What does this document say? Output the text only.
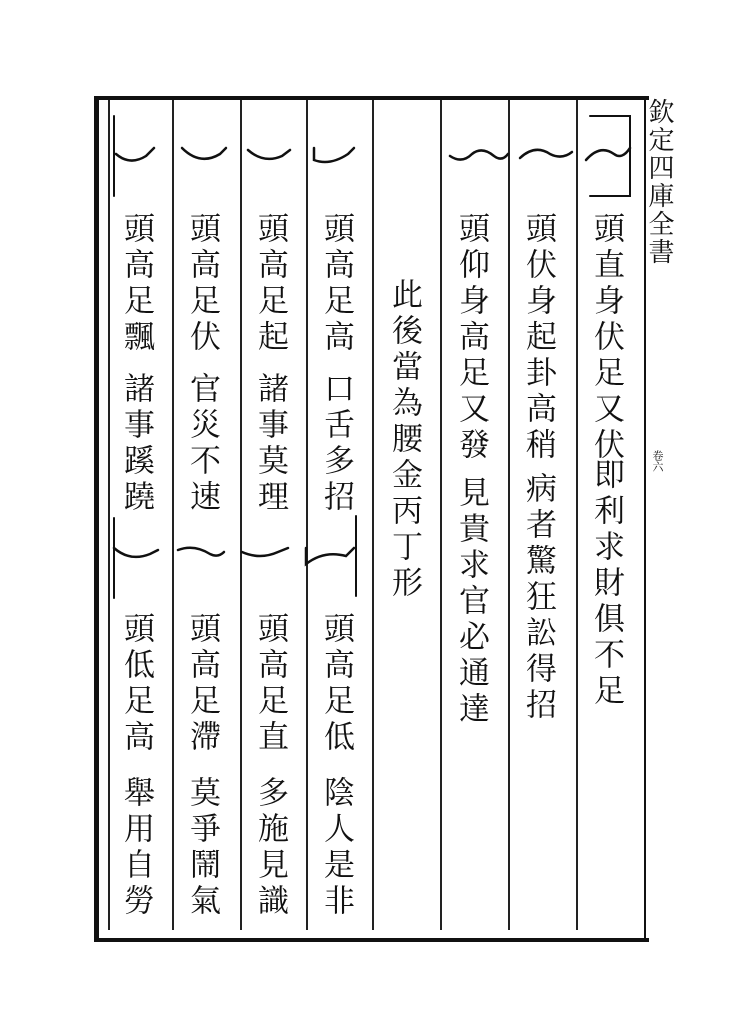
欽定四庫全書
卷六
頭直身伏足又伏
即利求財俱不足
頭伏身起卦高稍
病者驚狂訟得招
頭仰身高足又發
見貴求官必通達
此後當為腰金丙丁形
頭高足高
口舌多招
頭高足起
諸事莫理
頭高足伏
官災不速
頭高足飄
諸事蹊蹺
頭高足低
陰人是非
頭高足直
多施見識
頭高足滯
莫爭鬧氣
頭低足高
舉用自勞
